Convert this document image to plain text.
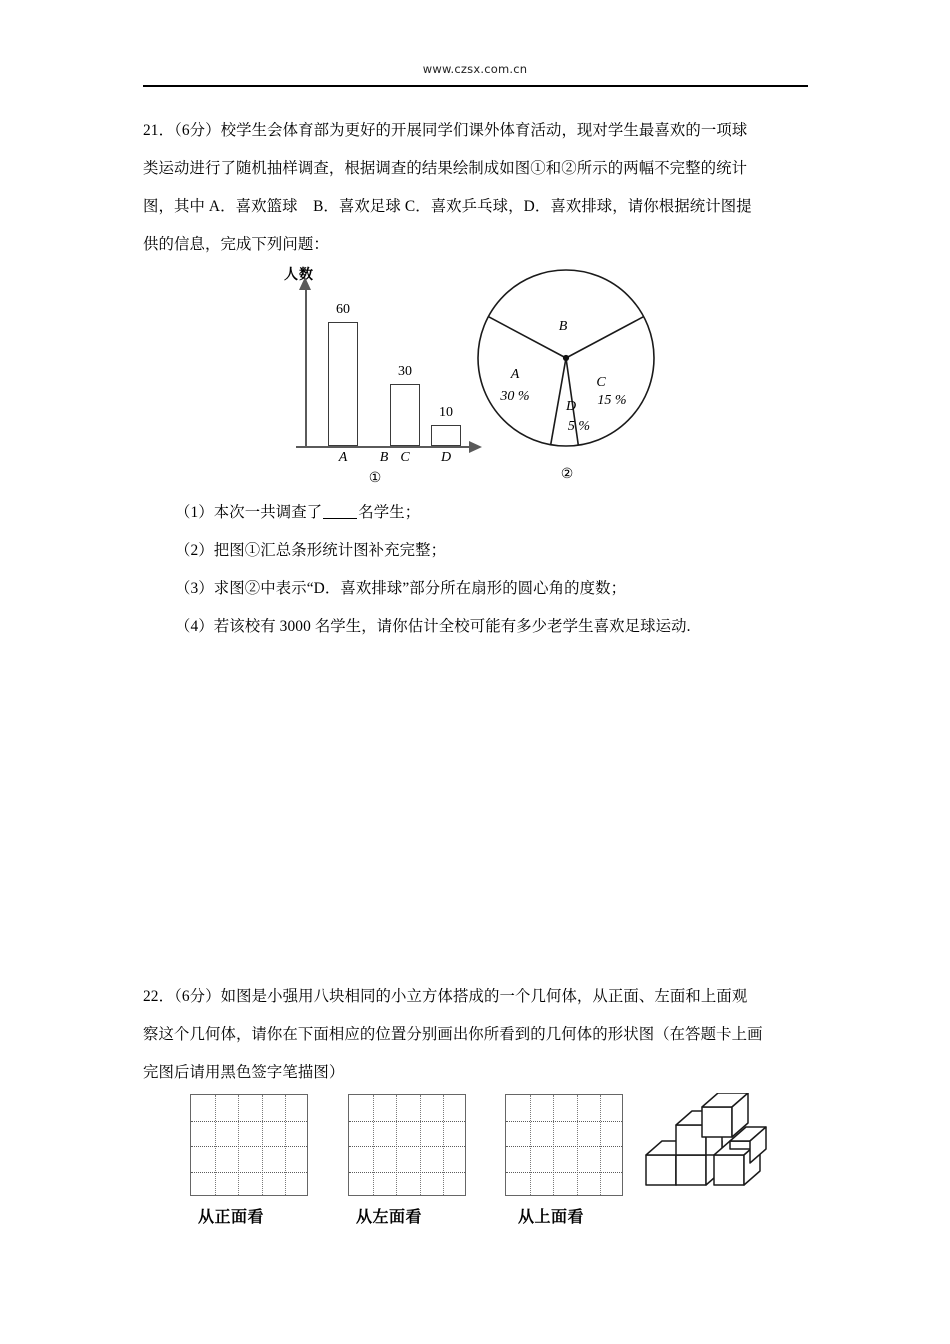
www.czsx.com.cn
21．（6分）校学生会体育部为更好的开展同学们课外体育活动，现对学生最喜欢的一项球
类运动进行了随机抽样调查，根据调查的结果绘制成如图①和②所示的两幅不完整的统计
图，其中 A．喜欢篮球　B．喜欢足球 C．喜欢乒乓球，D．喜欢排球，请你根据统计图提
供的信息，完成下列问题：
人数
60
30
10
A	B C	D
①
B
A
30 %
C
15 %
D
5 %
②
（1）本次一共调查了 名学生；
（2）把图①汇总条形统计图补充完整；
（3）求图②中表示“D．喜欢排球”部分所在扇形的圆心角的度数；
（4）若该校有 3000 名学生，请你估计全校可能有多少老学生喜欢足球运动.
22．（6分）如图是小强用八块相同的小立方体搭成的一个几何体，从正面、左面和上面观
察这个几何体，请你在下面相应的位置分别画出你所看到的几何体的形状图（在答题卡上画
完图后请用黑色签字笔描图）
从正面看	从左面看	从上面看
